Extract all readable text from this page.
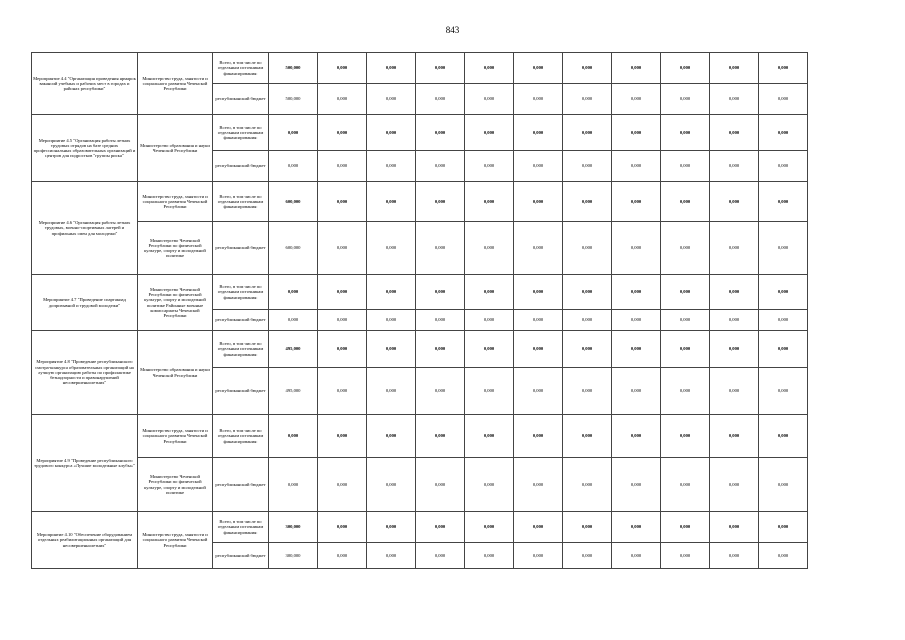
843
Мероприятие 4.4 "Организация проведения ярмарок вакансий учебных и рабочих мест в городах и районах республики"	Министерство труда, занятости и социального развития Чеченской Республики	Всего, в том числе по отдельным источникам финансирования:	500,000	0,000	0,000	0,000	0,000	0,000	0,000	0,000	0,000	0,000	0,000
		республиканский бюджет	500,000	0,000	0,000	0,000	0,000	0,000	0,000	0,000	0,000	0,000	0,000
Мероприятие 4.5 "Организация работы летних трудовых отрядов на базе средних профессиональных образовательных организаций и центров для подростков "группы риска"	Министерство образования и науки Чеченской Республики	Всего, в том числе по отдельным источникам финансирования:	0,000	0,000	0,000	0,000	0,000	0,000	0,000	0,000	0,000	0,000	0,000
		республиканский бюджет	0,000	0,000	0,000	0,000	0,000	0,000	0,000	0,000	0,000	0,000	0,000
Мероприятие 4.6 "Организация работы летних трудовых, военно-спортивных лагерей и профильных смен для молодежи"	Министерство труда, занятости и социального развития Чеченской Республики	Всего, в том числе по отдельным источникам финансирования:	600,000	0,000	0,000	0,000	0,000	0,000	0,000	0,000	0,000	0,000	0,000
	Министерство Чеченской Республики по физической культуре, спорту и молодежной политике	республиканский бюджет	600,000	0,000	0,000	0,000	0,000	0,000	0,000	0,000	0,000	0,000	0,000
Мероприятие 4.7 "Проведение спартакиад допризывной и трудовой молодежи"	Министерство Чеченской Республики по физической культуре, спорту и молодежной политике Районные военные комиссариаты Чеченской Республики	Всего, в том числе по отдельным источникам финансирования:	0,000	0,000	0,000	0,000	0,000	0,000	0,000	0,000	0,000	0,000	0,000
		республиканский бюджет	0,000	0,000	0,000	0,000	0,000	0,000	0,000	0,000	0,000	0,000	0,000
Мероприятие 4.8 "Проведение республиканского смотра-конкурса образовательных организаций на лучшую организацию работы по профилактике безнадзорности и правонарушений несовершеннолетних"	Министерство образования и науки Чеченской Республики	Всего, в том числе по отдельным источникам финансирования:	495,000	0,000	0,000	0,000	0,000	0,000	0,000	0,000	0,000	0,000	0,000
		республиканский бюджет	495,000	0,000	0,000	0,000	0,000	0,000	0,000	0,000	0,000	0,000	0,000
Мероприятие 4.9 "Проведение республиканского трудового конкурса «Лучшие молодежные клубы»"	Министерство труда, занятости и социального развития Чеченской Республики	Всего, в том числе по отдельным источникам финансирования:	0,000	0,000	0,000	0,000	0,000	0,000	0,000	0,000	0,000	0,000	0,000
	Министерство Чеченской Республики по физической культуре, спорту и молодежной политике	республиканский бюджет	0,000	0,000	0,000	0,000	0,000	0,000	0,000	0,000	0,000	0,000	0,000
Мероприятие 4.10 "Обеспечение оборудованием отдельных реабилитационных организаций для несовершеннолетних"	Министерство труда, занятости и социального развития Чеченской Республики	Всего, в том числе по отдельным источникам финансирования:	300,000	0,000	0,000	0,000	0,000	0,000	0,000	0,000	0,000	0,000	0,000
		республиканский бюджет	300,000	0,000	0,000	0,000	0,000	0,000	0,000	0,000	0,000	0,000	0,000
